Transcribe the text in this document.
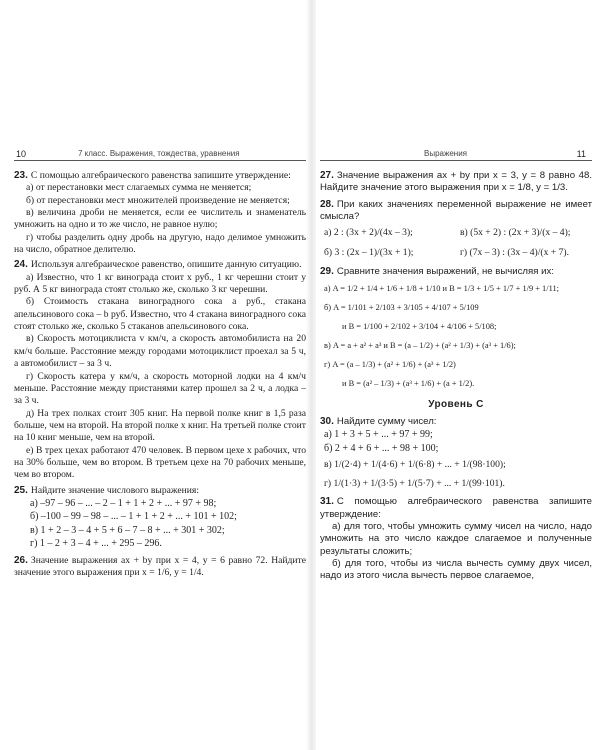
10	7 класс. Выражения, тождества, уравнения

23. С помощью алгебраического равенства запишите утверждение:

а) от перестановки мест слагаемых сумма не меняется;

б) от перестановки мест множителей произведение не меняется;

в) величина дроби не меняется, если ее числитель и знаменатель умножить на одно и то же число, не равное нулю;

г) чтобы разделить одну дробь на другую, надо делимое умножить на число, обратное делителю.

24. Используя алгебраическое равенство, опишите данную ситуацию.

а) Известно, что 1 кг винограда стоит x руб., 1 кг черешни стоит y руб. А 5 кг винограда стоят столько же, сколько 3 кг черешни.

б) Стоимость стакана виноградного сока a руб., стакана апельсинового сока – b руб. Известно, что 4 стакана виноградного сока стоят столько же, сколько 5 стаканов апельсинового сока.

в) Скорость мотоциклиста v км/ч, а скорость автомобилиста на 20 км/ч больше. Расстояние между городами мотоциклист проехал за 5 ч, а автомобилист – за 3 ч.

г) Скорость катера y км/ч, а скорость моторной лодки на 4 км/ч меньше. Расстояние между пристанями катер прошел за 2 ч, а лодка – за 3 ч.

д) На трех полках стоит 305 книг. На первой полке книг в 1,5 раза больше, чем на второй. На второй полке x книг. На третьей полке стоит на 10 книг меньше, чем на второй.

е) В трех цехах работают 470 человек. В первом цехе x рабочих, что на 30% больше, чем во втором. В третьем цехе на 70 рабочих меньше, чем во втором.

25. Найдите значение числового выражения:

а) –97 – 96 – ... – 2 – 1 + 1 + 2 + ... + 97 + 98;

б) –100 – 99 – 98 – ... – 1 + 1 + 2 + ... + 101 + 102;

в) 1 + 2 – 3 – 4 + 5 + 6 – 7 – 8 + ... + 301 + 302;

г) 1 – 2 + 3 – 4 + ... + 295 – 296.

26. Значение выражения ax + by при x = 4, y = 6 равно 72. Найдите значение этого выражения при x = 1/6, y = 1/4.

Выражения	11

27. Значение выражения ax + by при x = 3, y = 8 равно 48. Найдите значение этого выражения при x = 1/8, y = 1/3.

28. При каких значениях переменной выражение не имеет смысла?

а) 2 : (3x + 2)/(4x – 3);	в) (5x + 2) : (2x + 3)/(x – 4);
б) 3 : (2x – 1)/(3x + 1);	г) (7x – 3) : (3x – 4)/(x + 7).

29. Сравните значения выражений, не вычисляя их:

а) A = 1/2 + 1/4 + 1/6 + 1/8 + 1/10 и B = 1/3 + 1/5 + 1/7 + 1/9 + 1/11;
б) A = 1/101 + 2/103 + 3/105 + 4/107 + 5/109
и B = 1/100 + 2/102 + 3/104 + 4/106 + 5/108;
в) A = a + a² + a³ и B = (a – 1/2) + (a² + 1/3) + (a³ + 1/6);
г) A = (a – 1/3) + (a² + 1/6) + (a³ + 1/2)
и B = (a² – 1/3) + (a³ + 1/6) + (a + 1/2).
Уровень С

30. Найдите сумму чисел:

а) 1 + 3 + 5 + ... + 97 + 99;

б) 2 + 4 + 6 + ... + 98 + 100;

в) 1/(2·4) + 1/(4·6) + 1/(6·8) + ... + 1/(98·100);
г) 1/(1·3) + 1/(3·5) + 1/(5·7) + ... + 1/(99·101).

31. С помощью алгебраического равенства запишите утверждение:

а) для того, чтобы умножить сумму чисел на число, надо умножить на это число каждое слагаемое и полученные результаты сложить;

б) для того, чтобы из числа вычесть сумму двух чисел, надо из этого числа вычесть первое слагаемое,
